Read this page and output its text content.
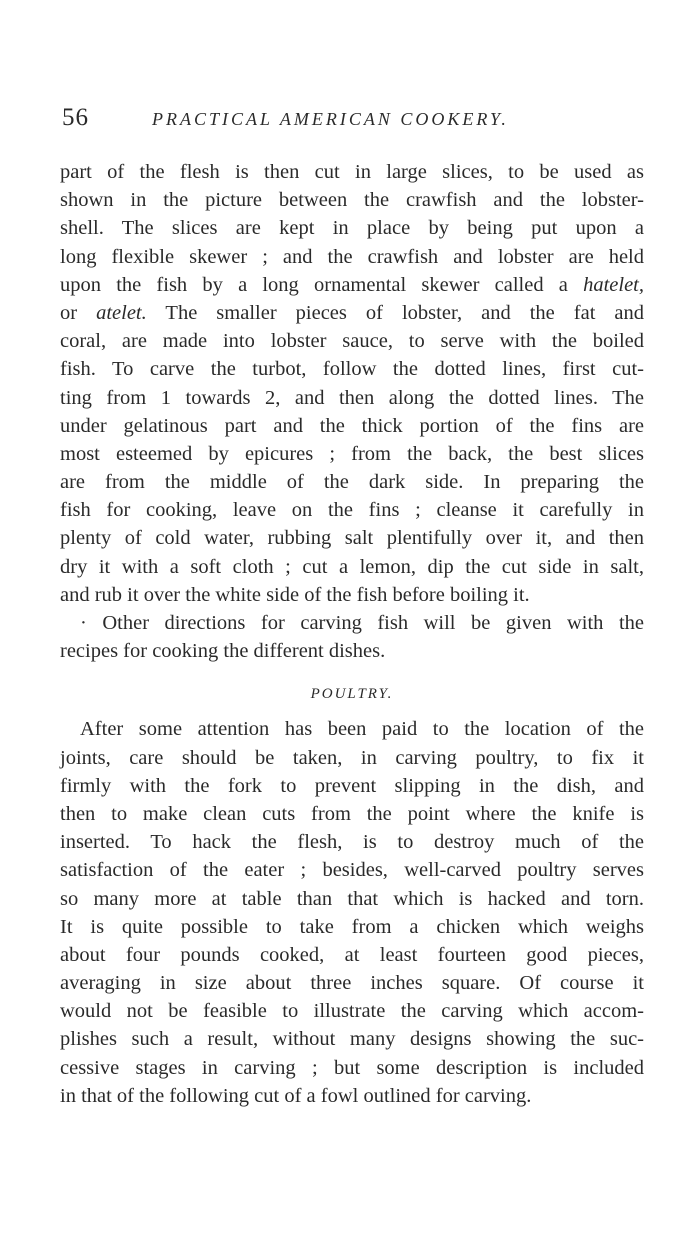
56	PRACTICAL AMERICAN COOKERY.
part of the flesh is then cut in large slices, to be used as
shown in the picture between the crawfish and the lobster-
shell. The slices are kept in place by being put upon a
long flexible skewer ; and the crawfish and lobster are held
upon the fish by a long ornamental skewer called a hatelet,
or atelet. The smaller pieces of lobster, and the fat and
coral, are made into lobster sauce, to serve with the boiled
fish. To carve the turbot, follow the dotted lines, first cut-
ting from 1 towards 2, and then along the dotted lines. The
under gelatinous part and the thick portion of the fins are
most esteemed by epicures ; from the back, the best slices
are from the middle of the dark side. In preparing the
fish for cooking, leave on the fins ; cleanse it carefully in
plenty of cold water, rubbing salt plentifully over it, and then
dry it with a soft cloth ; cut a lemon, dip the cut side in salt,
and rub it over the white side of the fish before boiling it.
· Other directions for carving fish will be given with the
recipes for cooking the different dishes.
POULTRY.
After some attention has been paid to the location of the
joints, care should be taken, in carving poultry, to fix it
firmly with the fork to prevent slipping in the dish, and
then to make clean cuts from the point where the knife is
inserted. To hack the flesh, is to destroy much of the
satisfaction of the eater ; besides, well-carved poultry serves
so many more at table than that which is hacked and torn.
It is quite possible to take from a chicken which weighs
about four pounds cooked, at least fourteen good pieces,
averaging in size about three inches square. Of course it
would not be feasible to illustrate the carving which accom-
plishes such a result, without many designs showing the suc-
cessive stages in carving ; but some description is included
in that of the following cut of a fowl outlined for carving.
